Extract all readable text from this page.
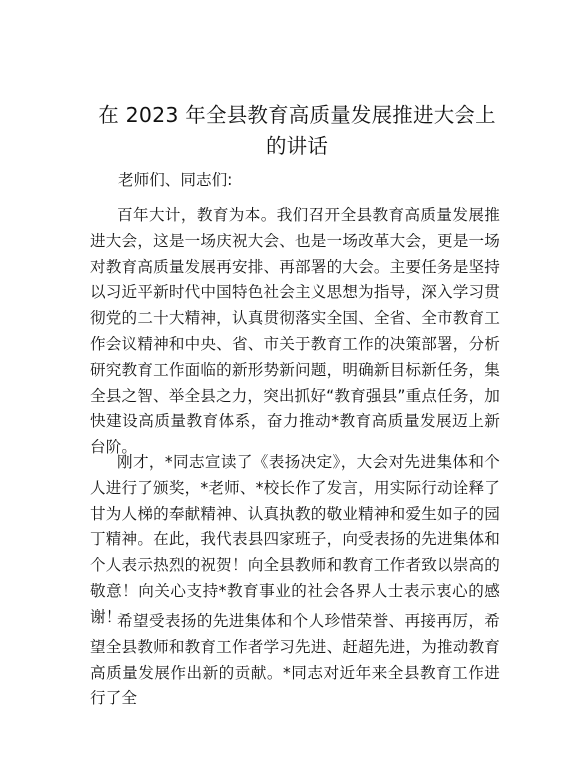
在 2023 年全县教育高质量发展推进大会上的讲话
老师们、同志们:
百年大计，教育为本。我们召开全县教育高质量发展推进大会，这是一场庆祝大会、也是一场改革大会，更是一场对教育高质量发展再安排、再部署的大会。主要任务是坚持以习近平新时代中国特色社会主义思想为指导，深入学习贯彻党的二十大精神，认真贯彻落实全国、全省、全市教育工作会议精神和中央、省、市关于教育工作的决策部署，分析研究教育工作面临的新形势新问题，明确新目标新任务，集全县之智、举全县之力，突出抓好“教育强县”重点任务，加快建设高质量教育体系，奋力推动*教育高质量发展迈上新台阶。
刚才，*同志宣读了《表扬决定》，大会对先进集体和个人进行了颁奖，*老师、*校长作了发言，用实际行动诠释了甘为人梯的奉献精神、认真执教的敬业精神和爱生如子的园丁精神。在此，我代表县四家班子，向受表扬的先进集体和个人表示热烈的祝贺！向全县教师和教育工作者致以崇高的敬意！向关心支持*教育事业的社会各界人士表示衷心的感谢！
希望受表扬的先进集体和个人珍惜荣誉、再接再厉，希望全县教师和教育工作者学习先进、赶超先进，为推动教育高质量发展作出新的贡献。*同志对近年来全县教育工作进行了全
